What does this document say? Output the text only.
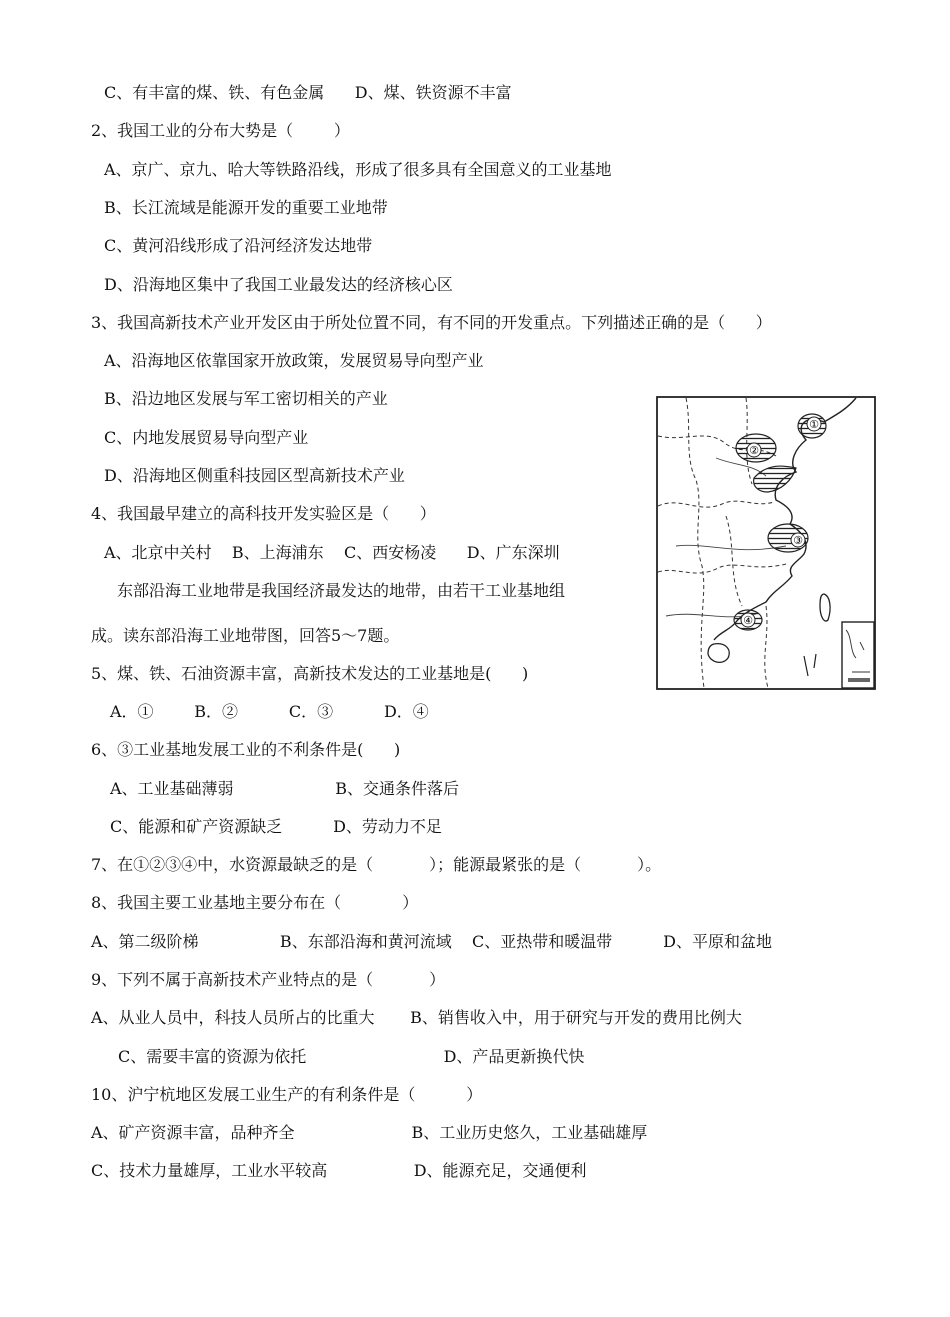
C、有丰富的煤、铁、有色金属      D、煤、铁资源不丰富
2、我国工业的分布大势是（        ）
A、京广、京九、哈大等铁路沿线，形成了很多具有全国意义的工业基地
B、长江流域是能源开发的重要工业地带
C、黄河沿线形成了沿河经济发达地带
D、沿海地区集中了我国工业最发达的经济核心区
3、我国高新技术产业开发区由于所处位置不同，有不同的开发重点。下列描述正确的是（      ）
A、沿海地区依靠国家开放政策，发展贸易导向型产业
B、沿边地区发展与军工密切相关的产业
C、内地发展贸易导向型产业
D、沿海地区侧重科技园区型高新技术产业
4、我国最早建立的高科技开发实验区是（      ）
A、北京中关村    B、上海浦东    C、西安杨凌      D、广东深圳
东部沿海工业地带是我国经济最发达的地带，由若干工业基地组
成。读东部沿海工业地带图，回答5～7题。
5、煤、铁、石油资源丰富，高新技术发达的工业基地是(      )
A．①        B．②          C．③          D．④
6、③工业基地发展工业的不利条件是(      )
A、工业基础薄弱                    B、交通条件落后
C、能源和矿产资源缺乏          D、劳动力不足
7、在①②③④中，水资源最缺乏的是（           ）；能源最紧张的是（           ）。
8、我国主要工业基地主要分布在（            ）
A、第二级阶梯                B、东部沿海和黄河流域    C、亚热带和暖温带          D、平原和盆地
9、下列不属于高新技术产业特点的是（           ）
A、从业人员中，科技人员所占的比重大       B、销售收入中，用于研究与开发的费用比例大
C、需要丰富的资源为依托                           D、产品更新换代快
10、沪宁杭地区发展工业生产的有利条件是（          ）
A、矿产资源丰富，品种齐全                       B、工业历史悠久，工业基础雄厚
C、技术力量雄厚，工业水平较高                 D、能源充足，交通便利
①
②
③
④
